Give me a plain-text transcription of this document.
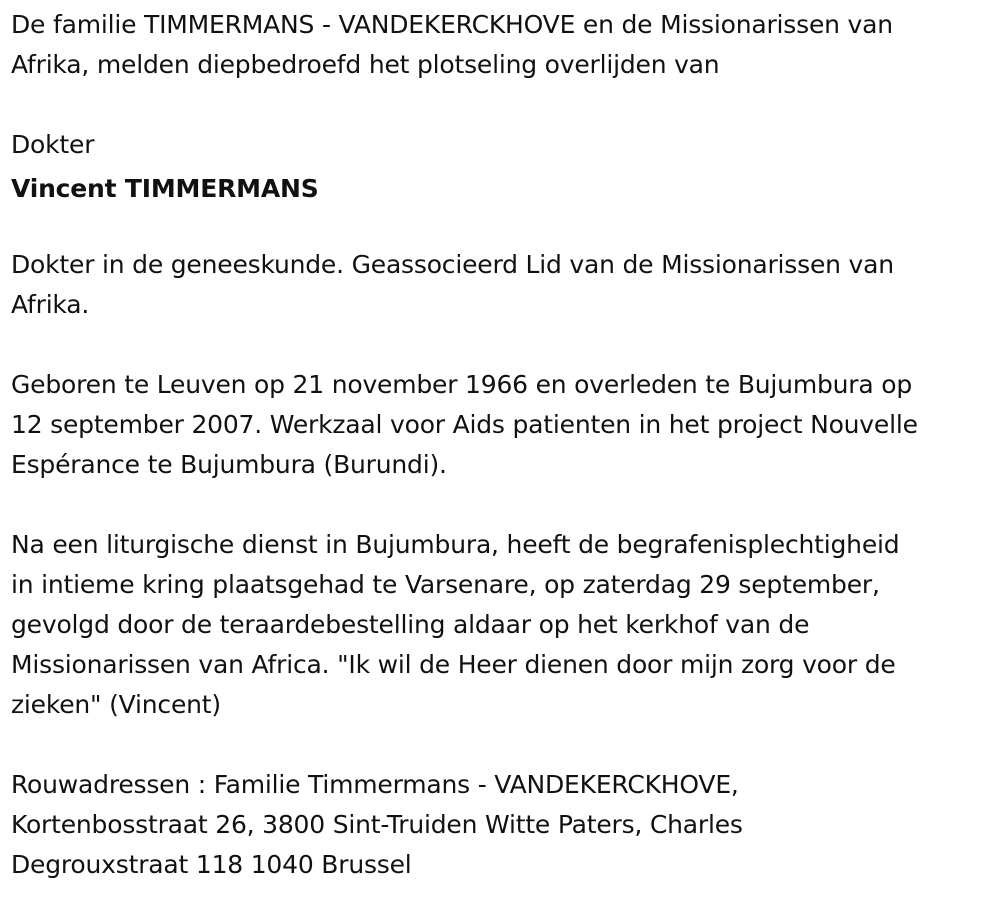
De familie TIMMERMANS - VANDEKERCKHOVE en de Missionarissen van
Afrika, melden diepbedroefd het plotseling overlijden van
Dokter
Vincent TIMMERMANS
Dokter in de geneeskunde. Geassocieerd Lid van de Missionarissen van
Afrika.
Geboren te Leuven op 21 november 1966 en overleden te Bujumbura op
12 september 2007. Werkzaal voor Aids patienten in het project Nouvelle
Espérance te Bujumbura (Burundi).
Na een liturgische dienst in Bujumbura, heeft de begrafenisplechtigheid
in intieme kring plaatsgehad te Varsenare, op zaterdag 29 september,
gevolgd door de teraardebestelling aldaar op het kerkhof van de
Missionarissen van Africa. "Ik wil de Heer dienen door mijn zorg voor de
zieken" (Vincent)
Rouwadressen : Familie Timmermans - VANDEKERCKHOVE,
Kortenbosstraat 26, 3800 Sint-Truiden Witte Paters, Charles
Degrouxstraat 118 1040 Brussel
